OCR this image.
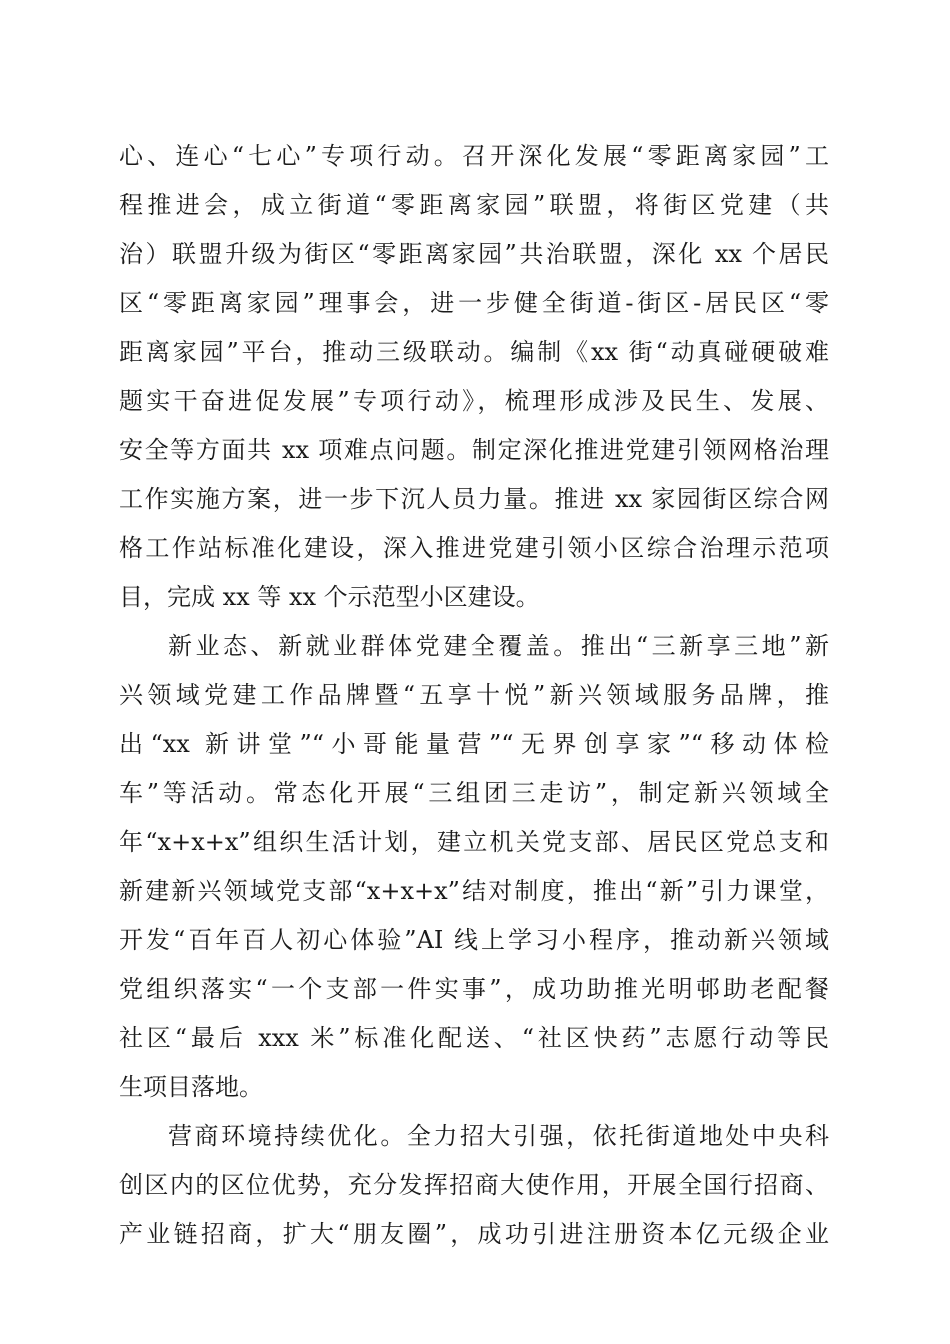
心、连心“七心”专项行动。召开深化发展“零距离家园”工
程推进会，成立街道“零距离家园”联盟，将街区党建（共
治）联盟升级为街区“零距离家园”共治联盟，深化 xx 个居民
区“零距离家园”理事会，进一步健全街道-街区-居民区“零
距离家园”平台，推动三级联动。编制《xx 街“动真碰硬破难
题实干奋进促发展”专项行动》，梳理形成涉及民生、发展、
安全等方面共 xx 项难点问题。制定深化推进党建引领网格治理
工作实施方案，进一步下沉人员力量。推进 xx 家园街区综合网
格工作站标准化建设，深入推进党建引领小区综合治理示范项
目，完成 xx 等 xx 个示范型小区建设。
新业态、新就业群体党建全覆盖。推出“三新享三地”新
兴领域党建工作品牌暨“五享十悦”新兴领域服务品牌，推
出“xx 新讲堂”“小哥能量营”“无界创享家”“移动体检
车”等活动。常态化开展“三组团三走访”，制定新兴领域全
年“x+x+x”组织生活计划，建立机关党支部、居民区党总支和
新建新兴领域党支部“x+x+x”结对制度，推出“新”引力课堂，
开发“百年百人初心体验”AI 线上学习小程序，推动新兴领域
党组织落实“一个支部一件实事”，成功助推光明邨助老配餐
社区“最后 xxx 米”标准化配送、“社区快药”志愿行动等民
生项目落地。
营商环境持续优化。全力招大引强，依托街道地处中央科
创区内的区位优势，充分发挥招商大使作用，开展全国行招商、
产业链招商，扩大“朋友圈”，成功引进注册资本亿元级企业
